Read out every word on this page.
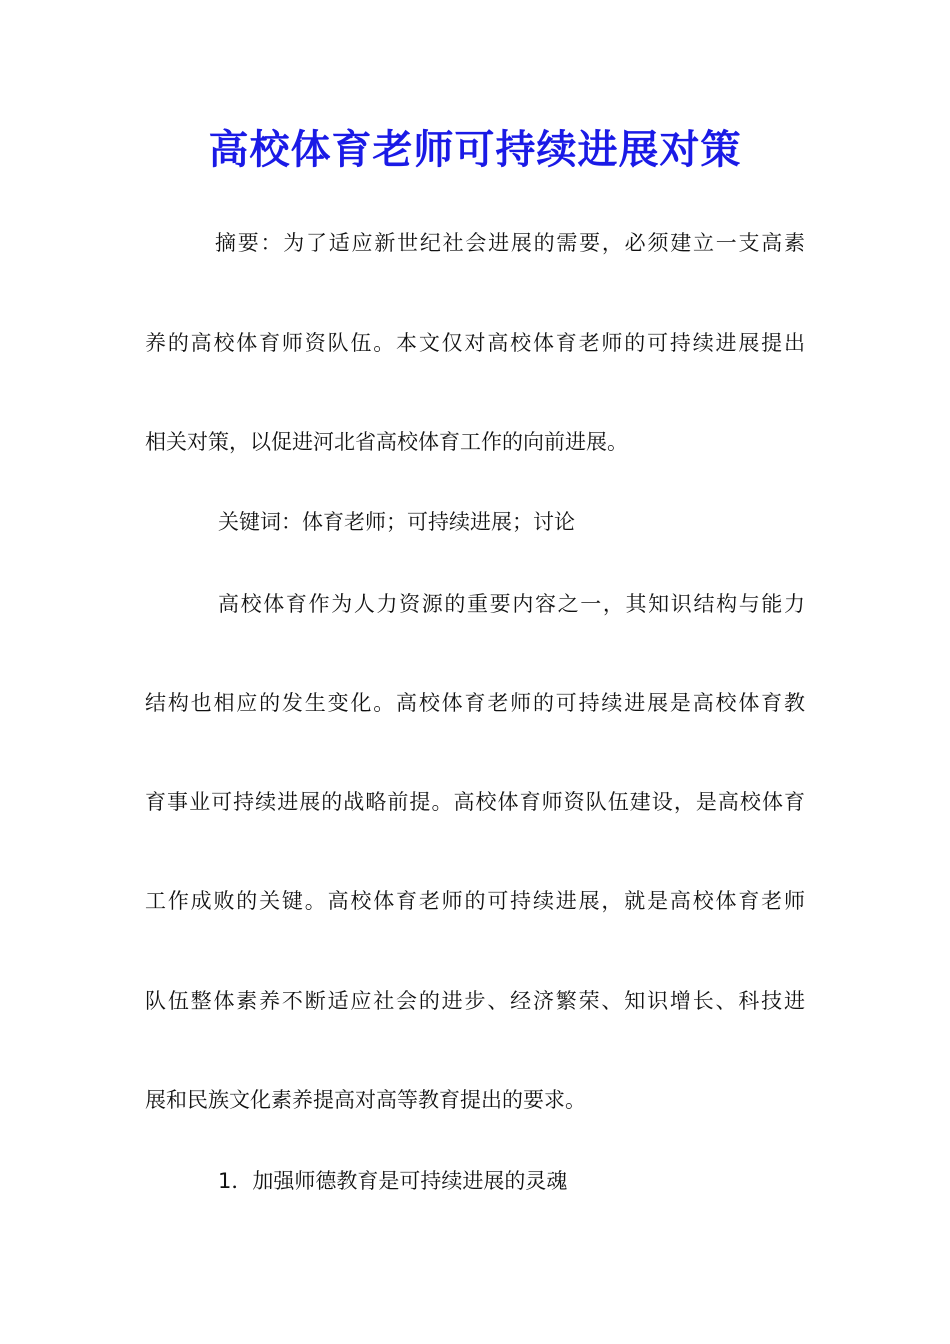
高校体育老师可持续进展对策
摘要：为了适应新世纪社会进展的需要，必须建立一支高素
养的高校体育师资队伍。本文仅对高校体育老师的可持续进展提出
相关对策，以促进河北省高校体育工作的向前进展。
关键词：体育老师；可持续进展；讨论
高校体育作为人力资源的重要内容之一，其知识结构与能力
结构也相应的发生变化。高校体育老师的可持续进展是高校体育教
育事业可持续进展的战略前提。高校体育师资队伍建设，是高校体育
工作成败的关键。高校体育老师的可持续进展，就是高校体育老师
队伍整体素养不断适应社会的进步、经济繁荣、知识增长、科技进
展和民族文化素养提高对高等教育提出的要求。
1．加强师德教育是可持续进展的灵魂
